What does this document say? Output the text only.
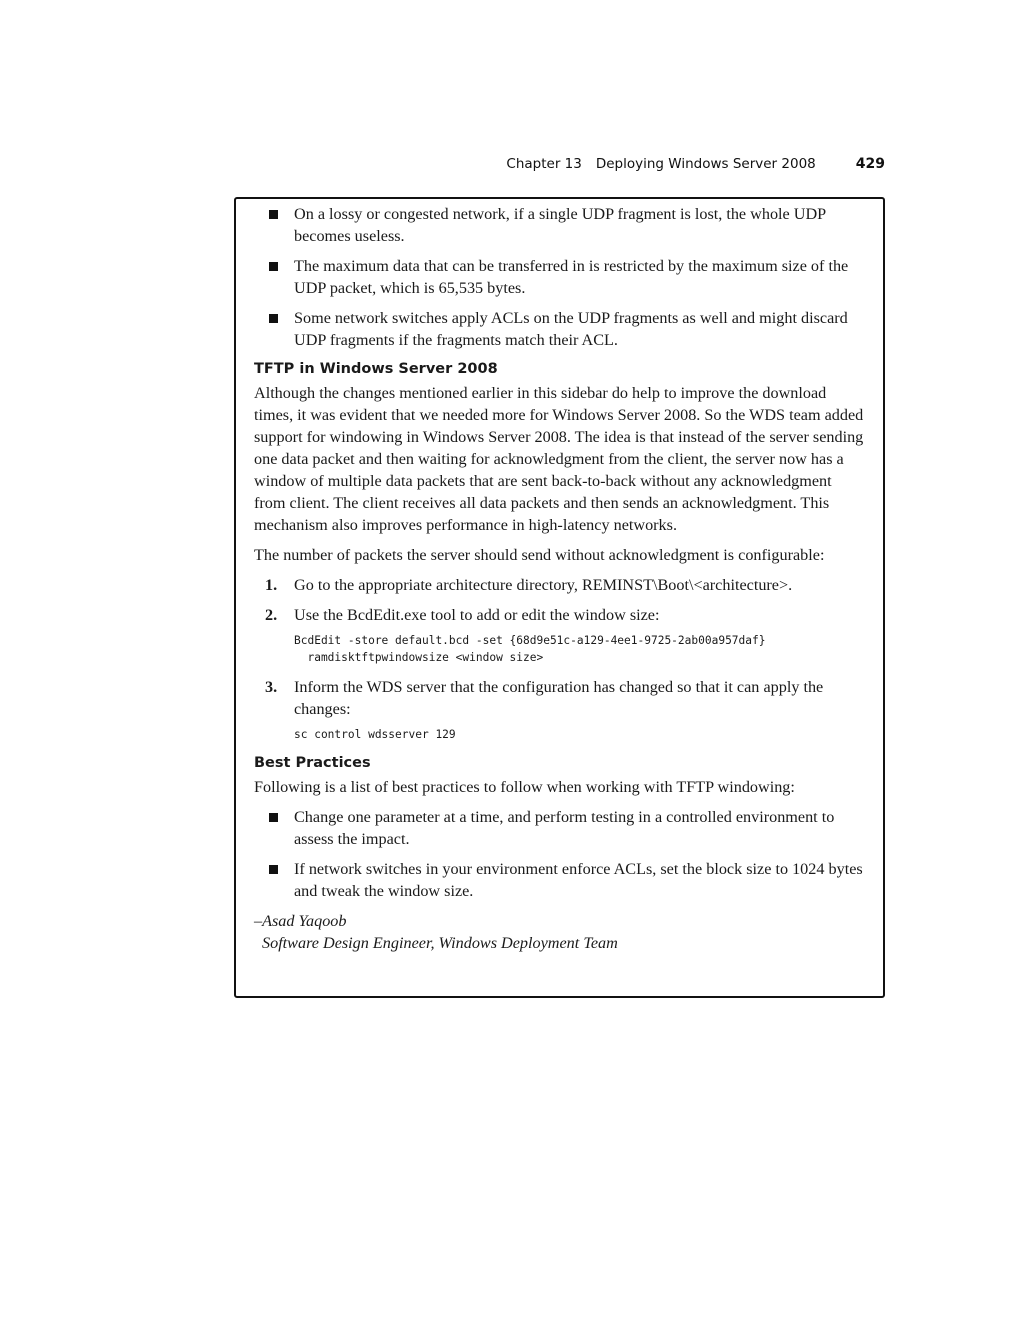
Chapter 13 Deploying Windows Server 2008	429
On a lossy or congested network, if a single UDP fragment is lost, the whole UDP becomes useless.
The maximum data that can be transferred in is restricted by the maximum size of the UDP packet, which is 65,535 bytes.
Some network switches apply ACLs on the UDP fragments as well and might discard UDP fragments if the fragments match their ACL.
TFTP in Windows Server 2008

Although the changes mentioned earlier in this sidebar do help to improve the download times, it was evident that we needed more for Windows Server 2008. So the WDS team added support for windowing in Windows Server 2008. The idea is that instead of the server sending one data packet and then waiting for acknowledgment from the client, the server now has a window of multiple data packets that are sent back-to-back without any acknowledgment from client. The client receives all data packets and then sends an acknowledgment. This mechanism also improves performance in high-latency networks.

The number of packets the server should send without acknowledgment is configurable:

1. Go to the appropriate architecture directory, REMINST\Boot\<architecture>.
2. Use the BcdEdit.exe tool to add or edit the window size:
BcdEdit -store default.bcd -set {68d9e51c-a129-4ee1-9725-2ab00a957daf}
ramdisktftpwindowsize <window size>
3. Inform the WDS server that the configuration has changed so that it can apply the changes:
sc control wdsserver 129
Best Practices

Following is a list of best practices to follow when working with TFTP windowing:

Change one parameter at a time, and perform testing in a controlled environment to assess the impact.
If network switches in your environment enforce ACLs, set the block size to 1024 bytes and tweak the window size.
–Asad Yaqoob
Software Design Engineer, Windows Deployment Team
